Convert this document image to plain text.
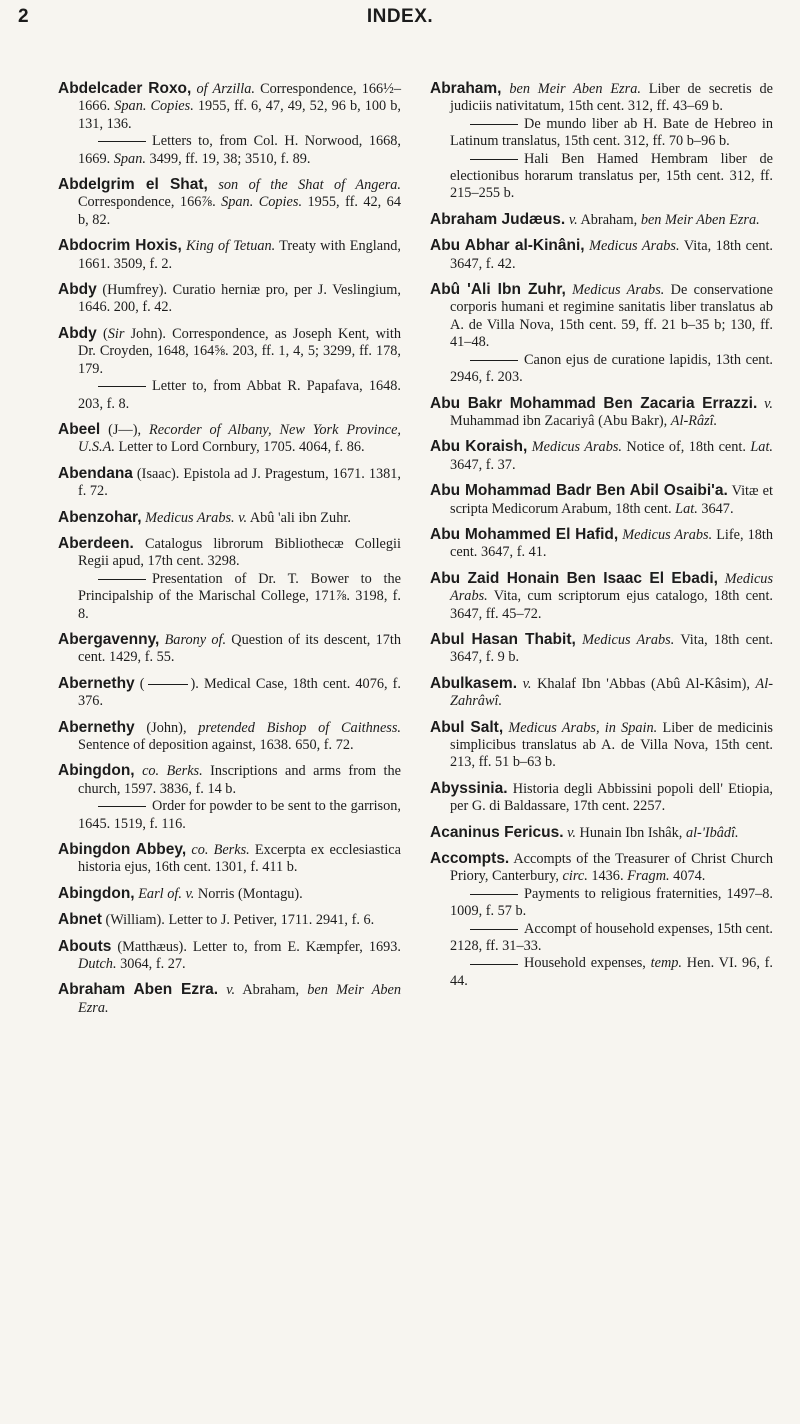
2	INDEX.

Abdelcader Roxo, of Arzilla. Correspondence, 166½–1666. Span. Copies. 1955, ff. 6, 47, 49, 52, 96 b, 100 b, 131, 136.

Letters to, from Col. H. Norwood, 1668, 1669. Span. 3499, ff. 19, 38; 3510, f. 89.

Abdelgrim el Shat, son of the Shat of Angera. Correspondence, 166⅞. Span. Copies. 1955, ff. 42, 64 b, 82.

Abdocrim Hoxis, King of Tetuan. Treaty with England, 1661. 3509, f. 2.

Abdy (Humfrey). Curatio herniæ pro, per J. Veslingium, 1646. 200, f. 42.

Abdy (Sir John). Correspondence, as Joseph Kent, with Dr. Croyden, 1648, 164⅝. 203, ff. 1, 4, 5; 3299, ff. 178, 179.

Letter to, from Abbat R. Papafava, 1648. 203, f. 8.

Abeel (J—), Recorder of Albany, New York Province, U.S.A. Letter to Lord Cornbury, 1705. 4064, f. 86.

Abendana (Isaac). Epistola ad J. Pragestum, 1671. 1381, f. 72.

Abenzohar, Medicus Arabs. v. Abû 'ali ibn Zuhr.

Aberdeen. Catalogus librorum Bibliothecæ Collegii Regii apud, 17th cent. 3298.

Presentation of Dr. T. Bower to the Principalship of the Marischal College, 171⅞. 3198, f. 8.

Abergavenny, Barony of. Question of its descent, 17th cent. 1429, f. 55.

Abernethy (	). Medical Case, 18th cent. 4076, f. 376.

Abernethy (John), pretended Bishop of Caithness. Sentence of deposition against, 1638. 650, f. 72.

Abingdon, co. Berks. Inscriptions and arms from the church, 1597. 3836, f. 14 b.

Order for powder to be sent to the garrison, 1645. 1519, f. 116.

Abingdon Abbey, co. Berks. Excerpta ex ecclesiastica historia ejus, 16th cent. 1301, f. 411 b.

Abingdon, Earl of. v. Norris (Montagu).

Abnet (William). Letter to J. Petiver, 1711. 2941, f. 6.

Abouts (Matthæus). Letter to, from E. Kæmpfer, 1693. Dutch. 3064, f. 27.

Abraham Aben Ezra. v. Abraham, ben Meir Aben Ezra.

Abraham, ben Meir Aben Ezra. Liber de secretis de judiciis nativitatum, 15th cent. 312, ff. 43–69 b.

De mundo liber ab H. Bate de Hebreo in Latinum translatus, 15th cent. 312, ff. 70 b–96 b.

Hali Ben Hamed Hembram liber de electionibus horarum translatus per, 15th cent. 312, ff. 215–255 b.

Abraham Judæus. v. Abraham, ben Meir Aben Ezra.

Abu Abhar al-Kinâni, Medicus Arabs. Vita, 18th cent. 3647, f. 42.

Abû 'Ali Ibn Zuhr, Medicus Arabs. De conservatione corporis humani et regimine sanitatis liber translatus ab A. de Villa Nova, 15th cent. 59, ff. 21 b–35 b; 130, ff. 41–48.

Canon ejus de curatione lapidis, 13th cent. 2946, f. 203.

Abu Bakr Mohammad Ben Zacaria Errazzi. v. Muhammad ibn Zacariyâ (Abu Bakr), Al-Râzî.

Abu Koraish, Medicus Arabs. Notice of, 18th cent. Lat. 3647, f. 37.

Abu Mohammad Badr Ben Abil Osaibi'a. Vitæ et scripta Medicorum Arabum, 18th cent. Lat. 3647.

Abu Mohammed El Hafid, Medicus Arabs. Life, 18th cent. 3647, f. 41.

Abu Zaid Honain Ben Isaac El Ebadi, Medicus Arabs. Vita, cum scriptorum ejus catalogo, 18th cent. 3647, ff. 45–72.

Abul Hasan Thabit, Medicus Arabs. Vita, 18th cent. 3647, f. 9 b.

Abulkasem. v. Khalaf Ibn 'Abbas (Abû Al-Kâsim), Al-Zahrâwî.

Abul Salt, Medicus Arabs, in Spain. Liber de medicinis simplicibus translatus ab A. de Villa Nova, 15th cent. 213, ff. 51 b–63 b.

Abyssinia. Historia degli Abbissini popoli dell' Etiopia, per G. di Baldassare, 17th cent. 2257.

Acaninus Fericus. v. Hunain Ibn Ishâk, al-'Ibâdî.

Accompts. Accompts of the Treasurer of Christ Church Priory, Canterbury, circ. 1436. Fragm. 4074.

Payments to religious fraternities, 1497–8. 1009, f. 57 b.

Accompt of household expenses, 15th cent. 2128, ff. 31–33.

Household expenses, temp. Hen. VI. 96, f. 44.
